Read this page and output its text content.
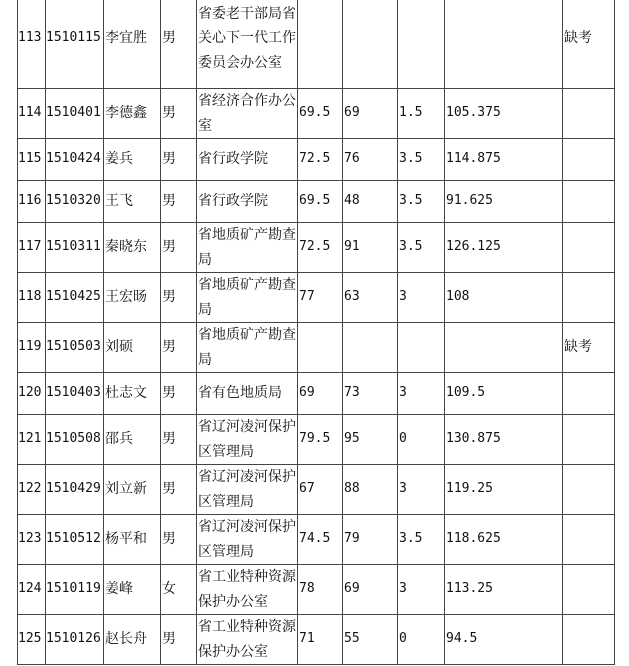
113	1510115	李宜胜	男	省委老干部局省关心下一代工作委员会办公室					缺考
114	1510401	李德鑫	男	省经济合作办公室	69.5	69	1.5	105.375	
115	1510424	姜兵	男	省行政学院	72.5	76	3.5	114.875	
116	1510320	王飞	男	省行政学院	69.5	48	3.5	91.625	
117	1510311	秦晓东	男	省地质矿产勘查局	72.5	91	3.5	126.125	
118	1510425	王宏旸	男	省地质矿产勘查局	77	63	3	108	
119	1510503	刘硕	男	省地质矿产勘查局					缺考
120	1510403	杜志文	男	省有色地质局	69	73	3	109.5	
121	1510508	邵兵	男	省辽河凌河保护区管理局	79.5	95	0	130.875	
122	1510429	刘立新	男	省辽河凌河保护区管理局	67	88	3	119.25	
123	1510512	杨平和	男	省辽河凌河保护区管理局	74.5	79	3.5	118.625	
124	1510119	姜峰	女	省工业特种资源保护办公室	78	69	3	113.25	
125	1510126	赵长舟	男	省工业特种资源保护办公室	71	55	0	94.5	
